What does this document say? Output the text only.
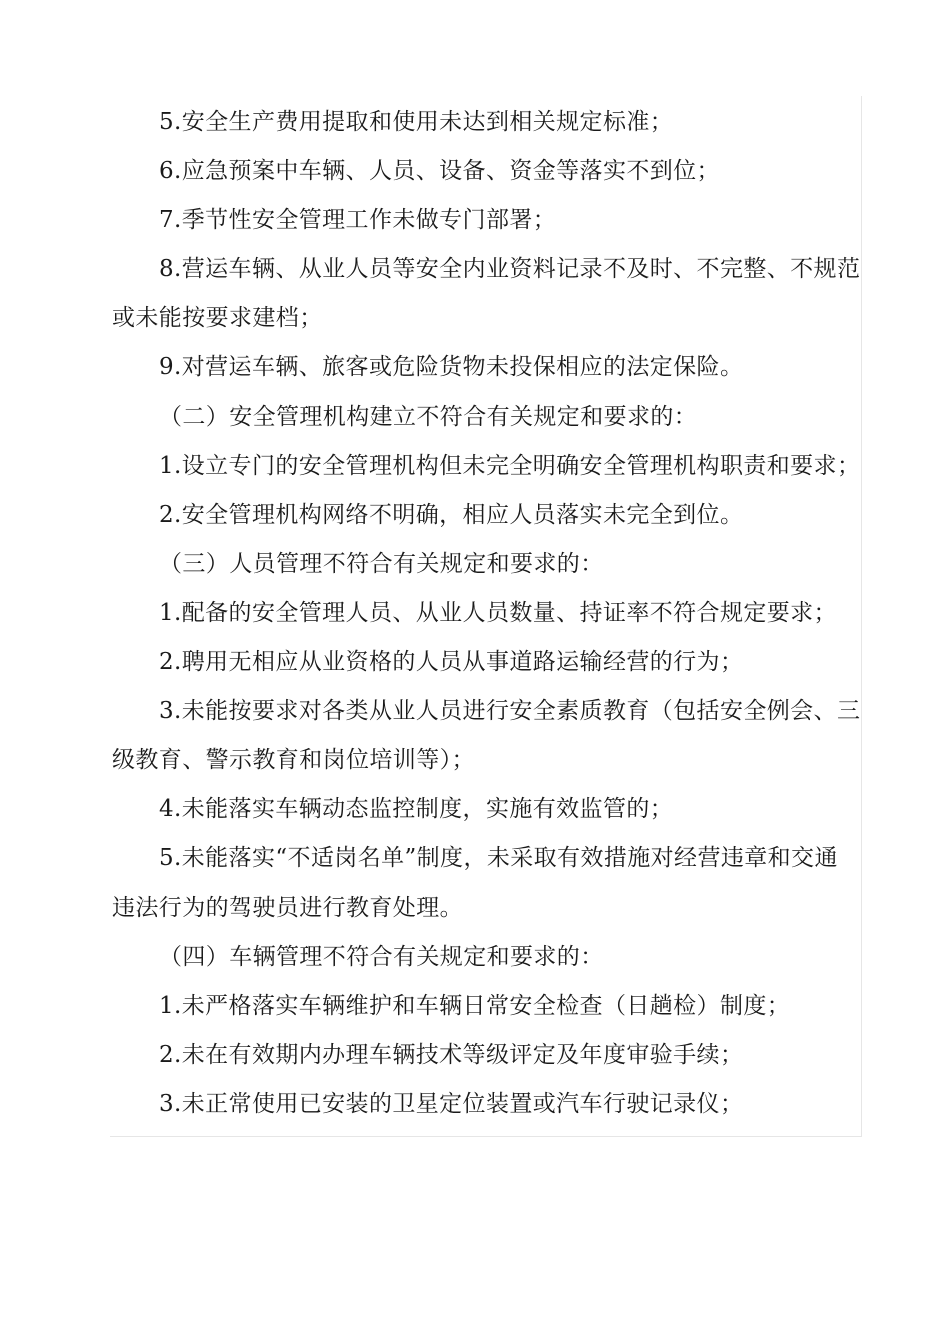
5.安全生产费用提取和使用未达到相关规定标准；
6.应急预案中车辆、人员、设备、资金等落实不到位；
7.季节性安全管理工作未做专门部署；
8.营运车辆、从业人员等安全内业资料记录不及时、不完整、不规范
或未能按要求建档；
9.对营运车辆、旅客或危险货物未投保相应的法定保险。
（二）安全管理机构建立不符合有关规定和要求的：
1.设立专门的安全管理机构但未完全明确安全管理机构职责和要求；
2.安全管理机构网络不明确，相应人员落实未完全到位。
（三）人员管理不符合有关规定和要求的：
1.配备的安全管理人员、从业人员数量、持证率不符合规定要求；
2.聘用无相应从业资格的人员从事道路运输经营的行为；
3.未能按要求对各类从业人员进行安全素质教育（包括安全例会、三
级教育、警示教育和岗位培训等）；
4.未能落实车辆动态监控制度，实施有效监管的；
5.未能落实“不适岗名单”制度，未采取有效措施对经营违章和交通
违法行为的驾驶员进行教育处理。
（四）车辆管理不符合有关规定和要求的：
1.未严格落实车辆维护和车辆日常安全检查（日趟检）制度；
2.未在有效期内办理车辆技术等级评定及年度审验手续；
3.未正常使用已安装的卫星定位装置或汽车行驶记录仪；
